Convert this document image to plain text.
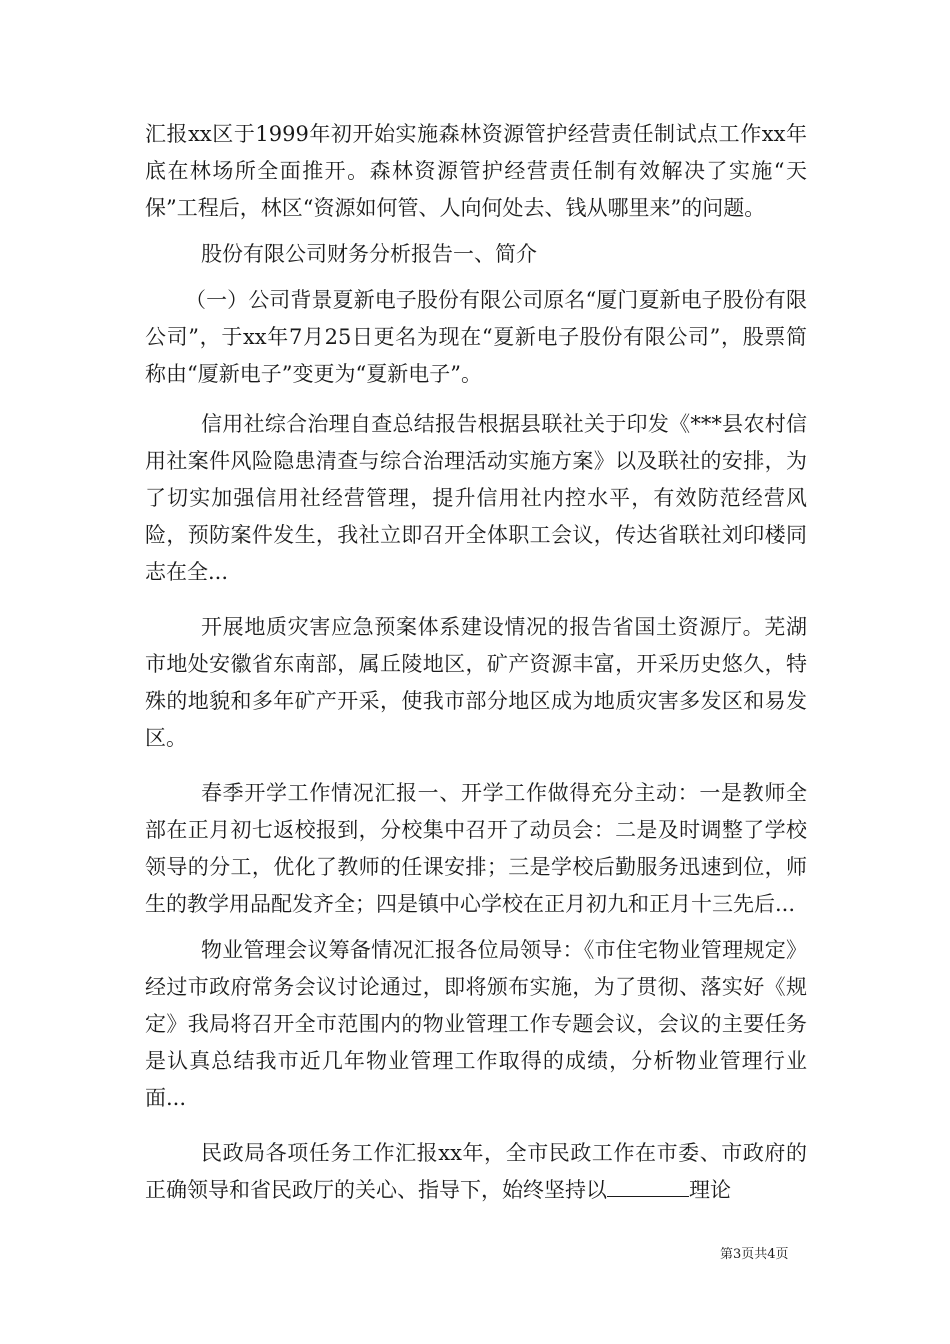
汇报xx区于1999年初开始实施森林资源管护经营责任制试点工作xx年底在林场所全面推开。森林资源管护经营责任制有效解决了实施“天保”工程后，林区“资源如何管、人向何处去、钱从哪里来”的问题。

股份有限公司财务分析报告一、简介

（一）公司背景夏新电子股份有限公司原名“厦门夏新电子股份有限公司”，于xx年7月25日更名为现在“夏新电子股份有限公司”，股票简称由“厦新电子”变更为“夏新电子”。

信用社综合治理自查总结报告根据县联社关于印发《***县农村信用社案件风险隐患清查与综合治理活动实施方案》以及联社的安排，为了切实加强信用社经营管理，提升信用社内控水平，有效防范经营风险，预防案件发生，我社立即召开全体职工会议，传达省联社刘印楼同志在全...

开展地质灾害应急预案体系建设情况的报告省国土资源厅。芜湖市地处安徽省东南部，属丘陵地区，矿产资源丰富，开采历史悠久，特殊的地貌和多年矿产开采，使我市部分地区成为地质灾害多发区和易发区。

春季开学工作情况汇报一、开学工作做得充分主动：一是教师全部在正月初七返校报到，分校集中召开了动员会：二是及时调整了学校领导的分工，优化了教师的任课安排；三是学校后勤服务迅速到位，师生的教学用品配发齐全；四是镇中心学校在正月初九和正月十三先后...

物业管理会议筹备情况汇报各位局领导：《市住宅物业管理规定》经过市政府常务会议讨论通过，即将颁布实施，为了贯彻、落实好《规定》我局将召开全市范围内的物业管理工作专题会议，会议的主要任务是认真总结我市近几年物业管理工作取得的成绩，分析物业管理行业面...

民政局各项任务工作汇报xx年，全市民政工作在市委、市政府的正确领导和省民政厅的关心、指导下，始终坚持以	理论

第3页共4页
